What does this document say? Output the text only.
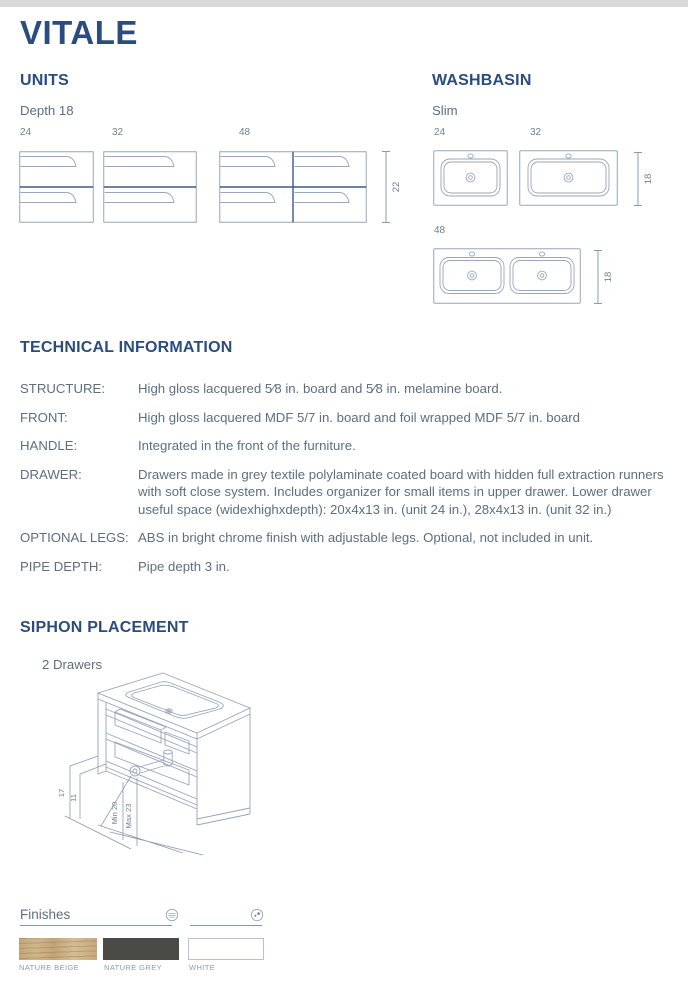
VITALE
UNITS
Depth 18
24	32	48
22
WASHBASIN
Slim
24	32
18
48
18
TECHNICAL INFORMATION
STRUCTURE:	High gloss lacquered 5⁄8 in. board and 5⁄8 in. melamine board.
FRONT:	High gloss lacquered MDF 5/7 in. board and foil wrapped MDF 5/7 in. board
HANDLE:	Integrated in the front of the furniture.
DRAWER:	Drawers made in grey textile polylaminate coated board with hidden full extraction runners with soft close system. Includes organizer for small items in upper drawer. Lower drawer useful space (widexhighxdepth): 20x4x13 in. (unit 24 in.), 28x4x13 in. (unit 32 in.)
OPTIONAL LEGS: ABS in bright chrome finish with adjustable legs. Optional, not included in unit.
PIPE DEPTH:	Pipe depth 3 in.
SIPHON PLACEMENT
2 Drawers
17
11
Min 20 Max 23
Finishes
NATURE BEIGE	NATURE GREY	WHITE
